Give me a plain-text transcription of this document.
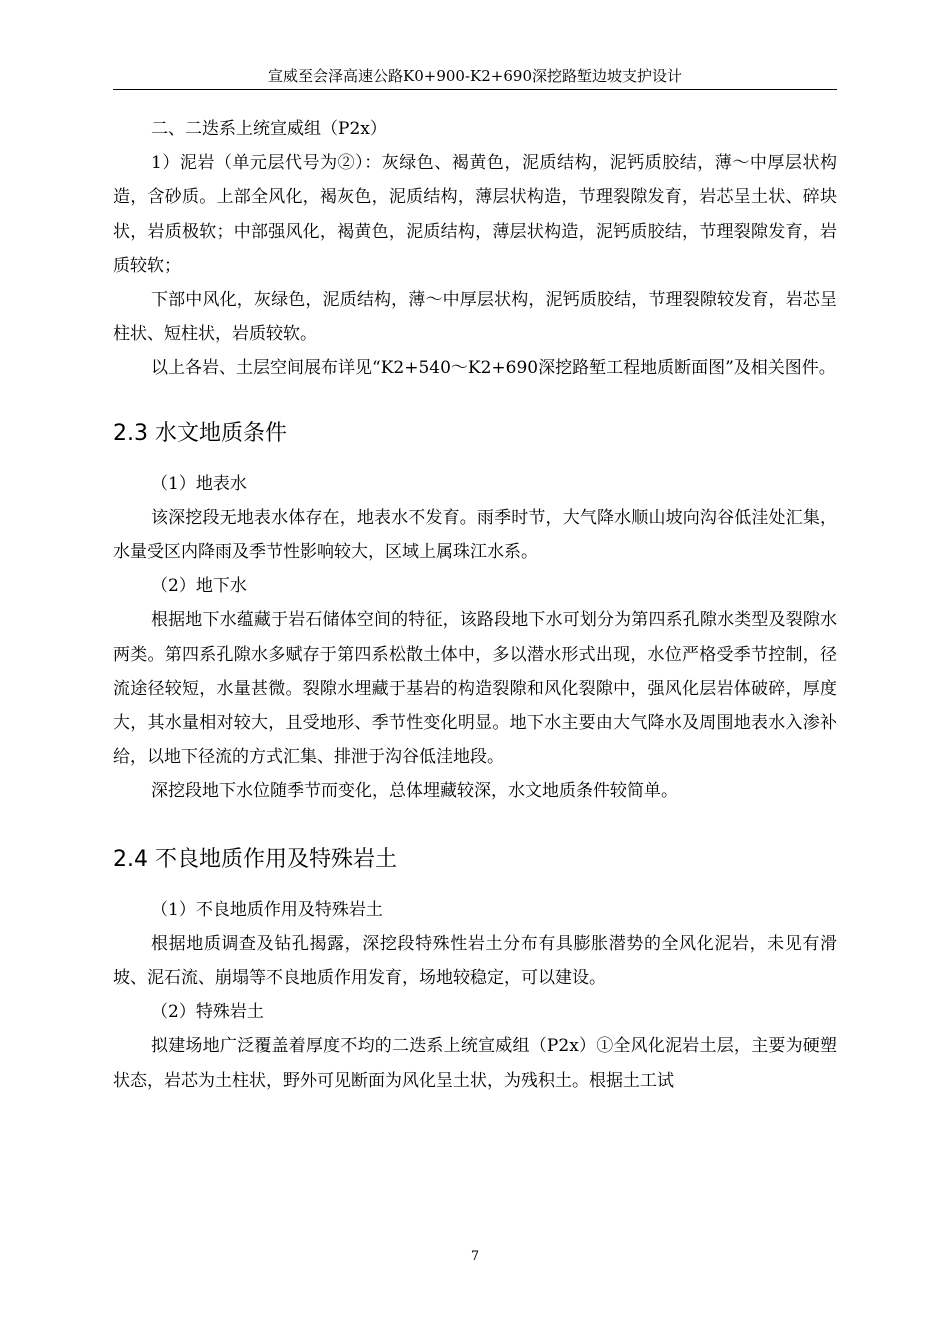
宣威至会泽高速公路K0+900-K2+690深挖路堑边坡支护设计

二、二迭系上统宣威组（P2x）

1）泥岩（单元层代号为②）：灰绿色、褐黄色，泥质结构，泥钙质胶结，薄～中厚层状构造，含砂质。上部全风化，褐灰色，泥质结构，薄层状构造，节理裂隙发育，岩芯呈土状、碎块状，岩质极软；中部强风化，褐黄色，泥质结构，薄层状构造，泥钙质胶结，节理裂隙发育，岩质较软；

下部中风化，灰绿色，泥质结构，薄～中厚层状构，泥钙质胶结，节理裂隙较发育，岩芯呈柱状、短柱状，岩质较软。

以上各岩、土层空间展布详见“K2+540～K2+690深挖路堑工程地质断面图”及相关图件。

2.3 水文地质条件

（1）地表水

该深挖段无地表水体存在，地表水不发育。雨季时节，大气降水顺山坡向沟谷低洼处汇集，水量受区内降雨及季节性影响较大，区域上属珠江水系。

（2）地下水

根据地下水蕴藏于岩石储体空间的特征，该路段地下水可划分为第四系孔隙水类型及裂隙水两类。第四系孔隙水多赋存于第四系松散土体中，多以潜水形式出现，水位严格受季节控制，径流途径较短，水量甚微。裂隙水埋藏于基岩的构造裂隙和风化裂隙中，强风化层岩体破碎，厚度大，其水量相对较大，且受地形、季节性变化明显。地下水主要由大气降水及周围地表水入渗补给，以地下径流的方式汇集、排泄于沟谷低洼地段。

深挖段地下水位随季节而变化，总体埋藏较深，水文地质条件较简单。

2.4 不良地质作用及特殊岩土

（1）不良地质作用及特殊岩土

根据地质调查及钻孔揭露，深挖段特殊性岩土分布有具膨胀潜势的全风化泥岩，未见有滑坡、泥石流、崩塌等不良地质作用发育，场地较稳定，可以建设。

（2）特殊岩土

拟建场地广泛覆盖着厚度不均的二迭系上统宣威组（P2x）①全风化泥岩土层，主要为硬塑状态，岩芯为土柱状，野外可见断面为风化呈土状，为残积土。根据土工试

7
